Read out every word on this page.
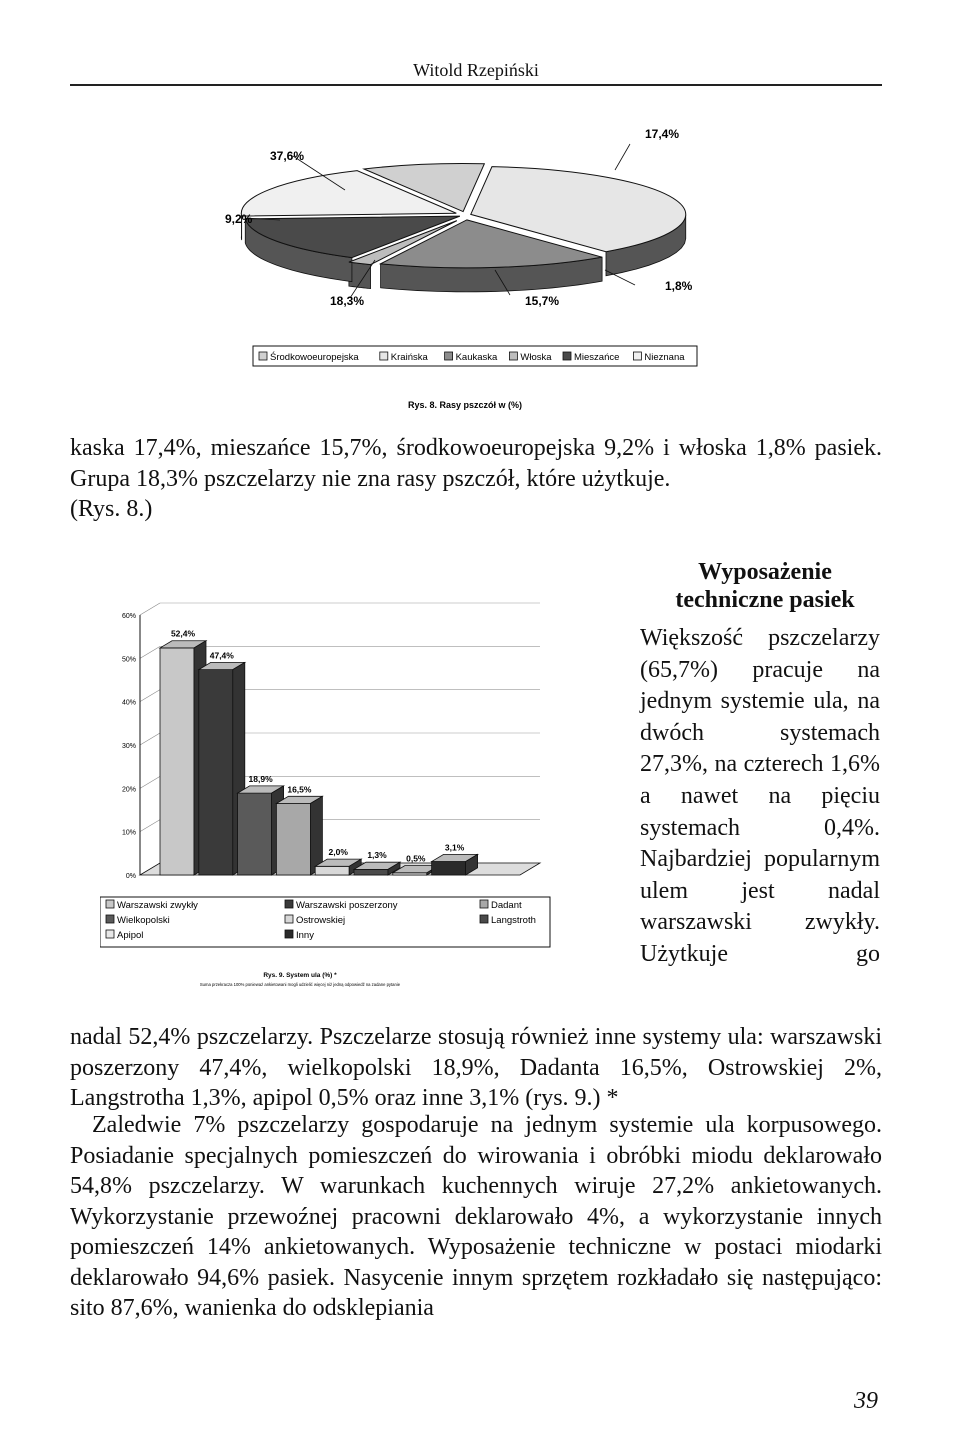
Witold Rzepiński
37,6%
17,4%
1,8%
15,7%
18,3%
9,2%
Środkowoeuropejska	Kraińska	Kaukaska Włoska Mieszańce	Nieznana
Rys. 8. Rasy pszczół w (%)
0%
10%
20%
30%
40%
50%
60%
52,4%
47,4%
18,9%
16,5%
2,0% 1,3% 0,5%
3,1%
Warszawski zwykły	Warszawski poszerzony	Dadant
Wielkopolski	Ostrowskiej	Langstroth
Apipol	Inny
Rys. 9. System ula (%) *
Suma przekracza 100% ponieważ ankietowani mogli udzielić więcej niż jedną odpowiedź na zadane pytanie

kaska 17,4%, mieszańce 15,7%, środkowoeuropejska 9,2% i włoska 1,8% pasiek. Grupa 18,3% pszczelarzy nie zna rasy pszczół, które użytkuje.
(Rys. 8.)

Wyposażenie techniczne pasiek

Większość pszczelarzy (65,7%) pracuje na jednym systemie ula, na dwóch systemach 27,3%, na czterech 1,6% a nawet na pięciu systemach 0,4%. Najbardziej popularnym ulem jest nadal warszawski zwykły. Użytkuje go

nadal 52,4% pszczelarzy. Pszczelarze stosują również inne systemy ula: warszawski poszerzony 47,4%, wielkopolski 18,9%, Dadanta 16,5%, Ostrowskiej 2%, Langstrotha 1,3%, apipol 0,5% oraz inne 3,1% (rys. 9.) *

Zaledwie 7% pszczelarzy gospodaruje na jednym systemie ula korpusowego. Posiadanie specjalnych pomieszczeń do wirowania i obróbki miodu deklarowało 54,8% pszczelarzy. W warunkach kuchennych wiruje 27,2% ankietowanych. Wykorzystanie przewoźnej pracowni deklarowało 4%, a wykorzystanie innych pomieszczeń 14% ankietowanych. Wyposażenie techniczne w postaci miodarki deklarowało 94,6% pasiek. Nasycenie innym sprzętem rozkładało się następująco: sito 87,6%, wanienka do odsklepiania

39
